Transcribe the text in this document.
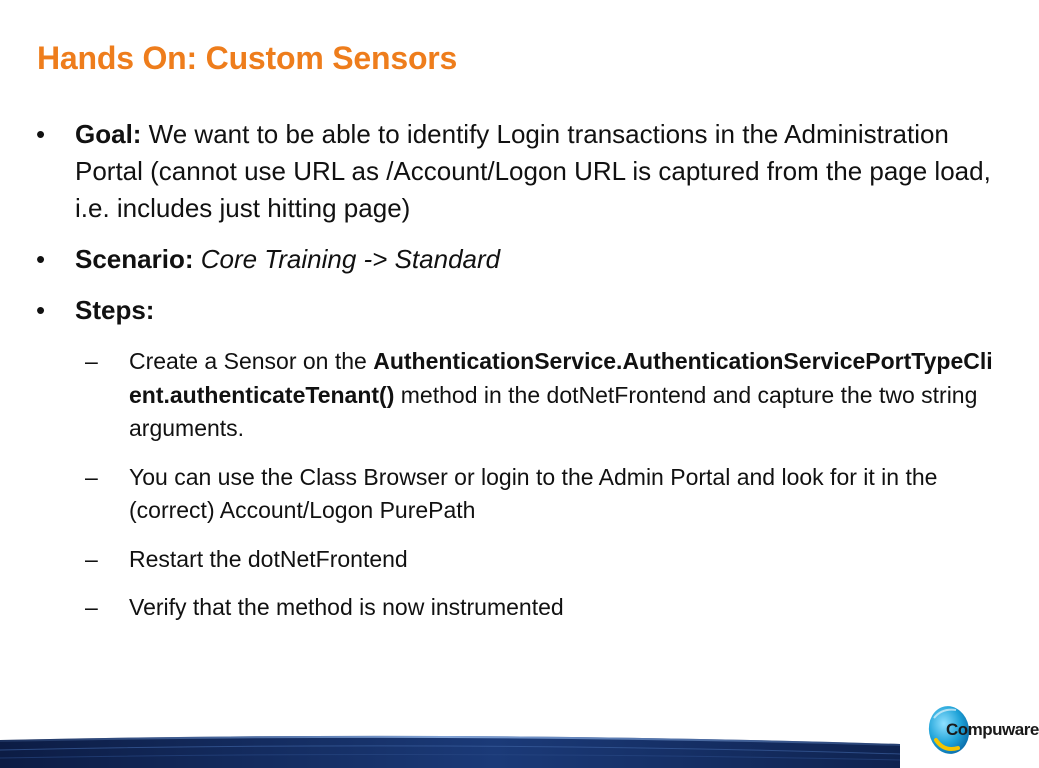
Hands On: Custom Sensors
• Goal: We want to be able to identify Login transactions in the Administration Portal (cannot use URL as /Account/Logon URL is captured from the page load, i.e. includes just hitting page)
• Scenario: Core Training -> Standard
• Steps:
– Create a Sensor on the AuthenticationService.AuthenticationServicePortTypeClient.authenticateTenant() method in the dotNetFrontend and capture the two string arguments.
– You can use the Class Browser or login to the Admin Portal and look for it in the (correct) Account/Logon PurePath
– Restart the dotNetFrontend
– Verify that the method is now instrumented
Compuware
